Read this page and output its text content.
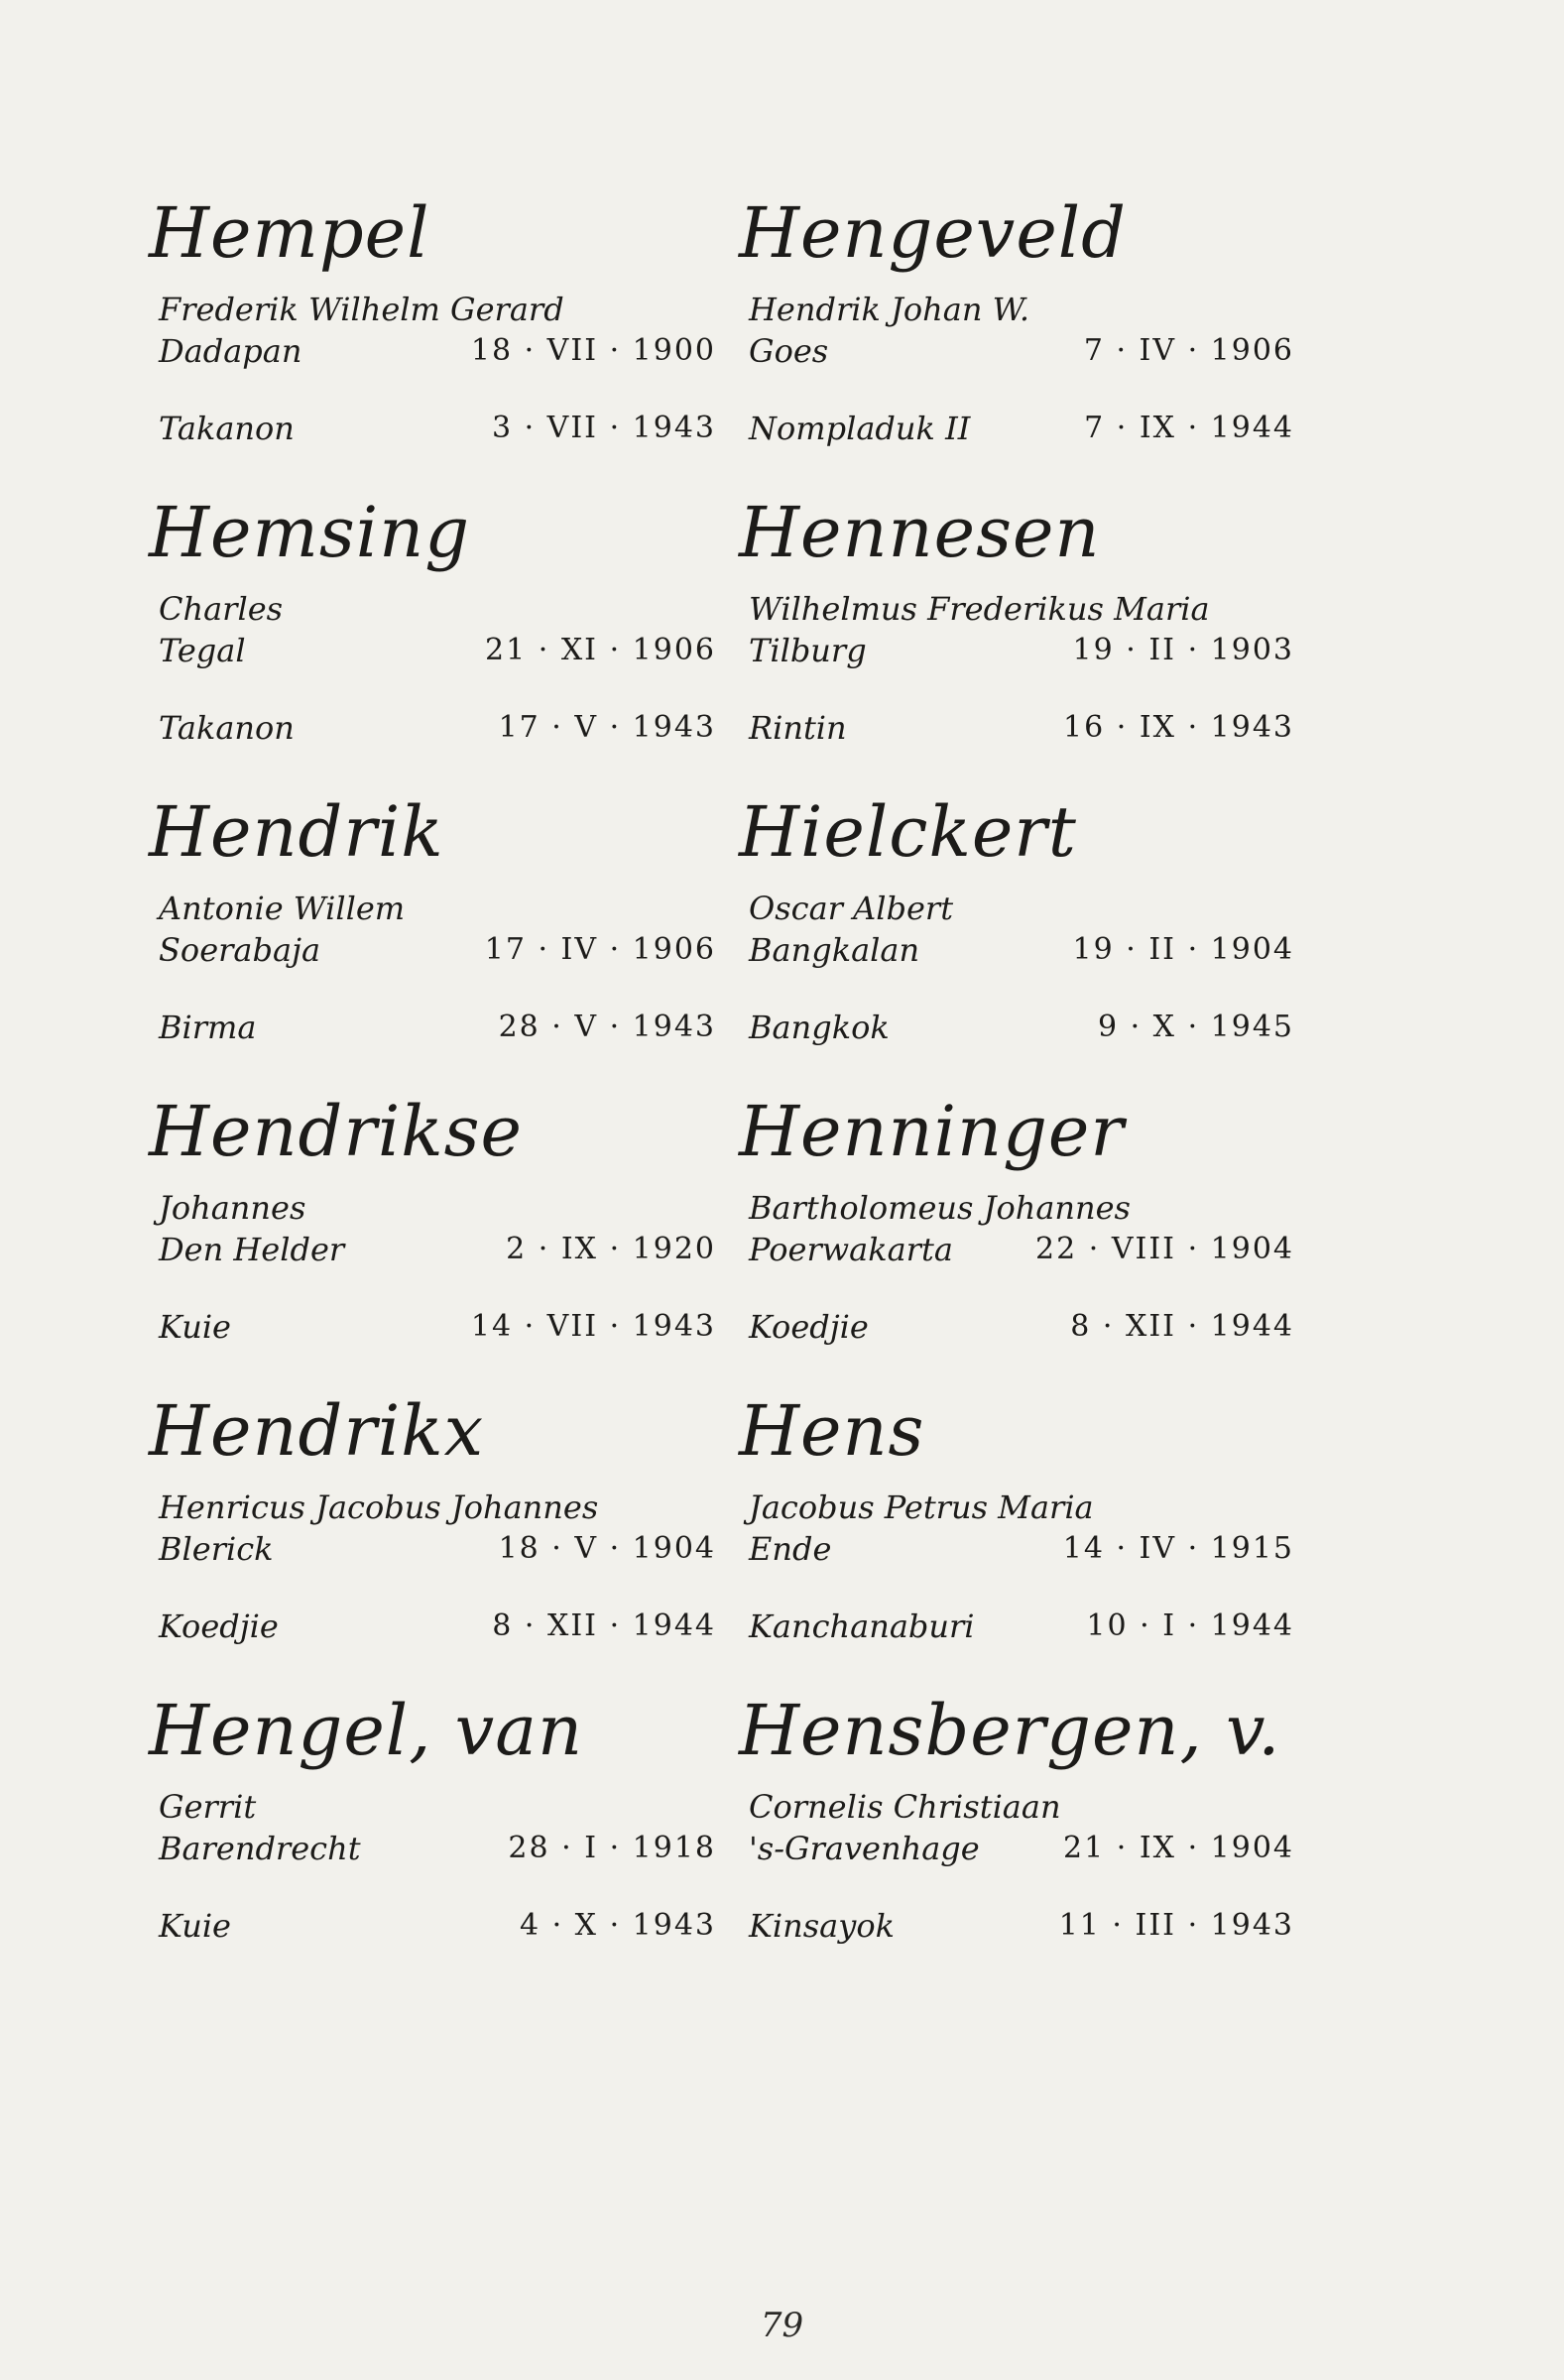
Hempel
Frederik Wilhelm Gerard
Dadapan	18 · VII · 1900
Takanon	3 · VII · 1943
Hemsing
Charles
Tegal	21 · XI · 1906
Takanon	17 · V · 1943
Hendrik
Antonie Willem
Soerabaja	17 · IV · 1906
Birma	28 · V · 1943
Hendrikse
Johannes
Den Helder	2 · IX · 1920
Kuie	14 · VII · 1943
Hendrikx
Henricus Jacobus Johannes
Blerick	18 · V · 1904
Koedjie	8 · XII · 1944
Hengel, van
Gerrit
Barendrecht	28 · I · 1918
Kuie	4 · X · 1943
Hengeveld
Hendrik Johan W.
Goes	7 · IV · 1906
Nompladuk II	7 · IX · 1944
Hennesen
Wilhelmus Frederikus Maria
Tilburg	19 · II · 1903
Rintin	16 · IX · 1943
Hielckert
Oscar Albert
Bangkalan	19 · II · 1904
Bangkok	9 · X · 1945
Henninger
Bartholomeus Johannes
Poerwakarta	22 · VIII · 1904
Koedjie	8 · XII · 1944
Hens
Jacobus Petrus Maria
Ende	14 · IV · 1915
Kanchanaburi	10 · I · 1944
Hensbergen, v.
Cornelis Christiaan
's-Gravenhage	21 · IX · 1904
Kinsayok	11 · III · 1943
79
